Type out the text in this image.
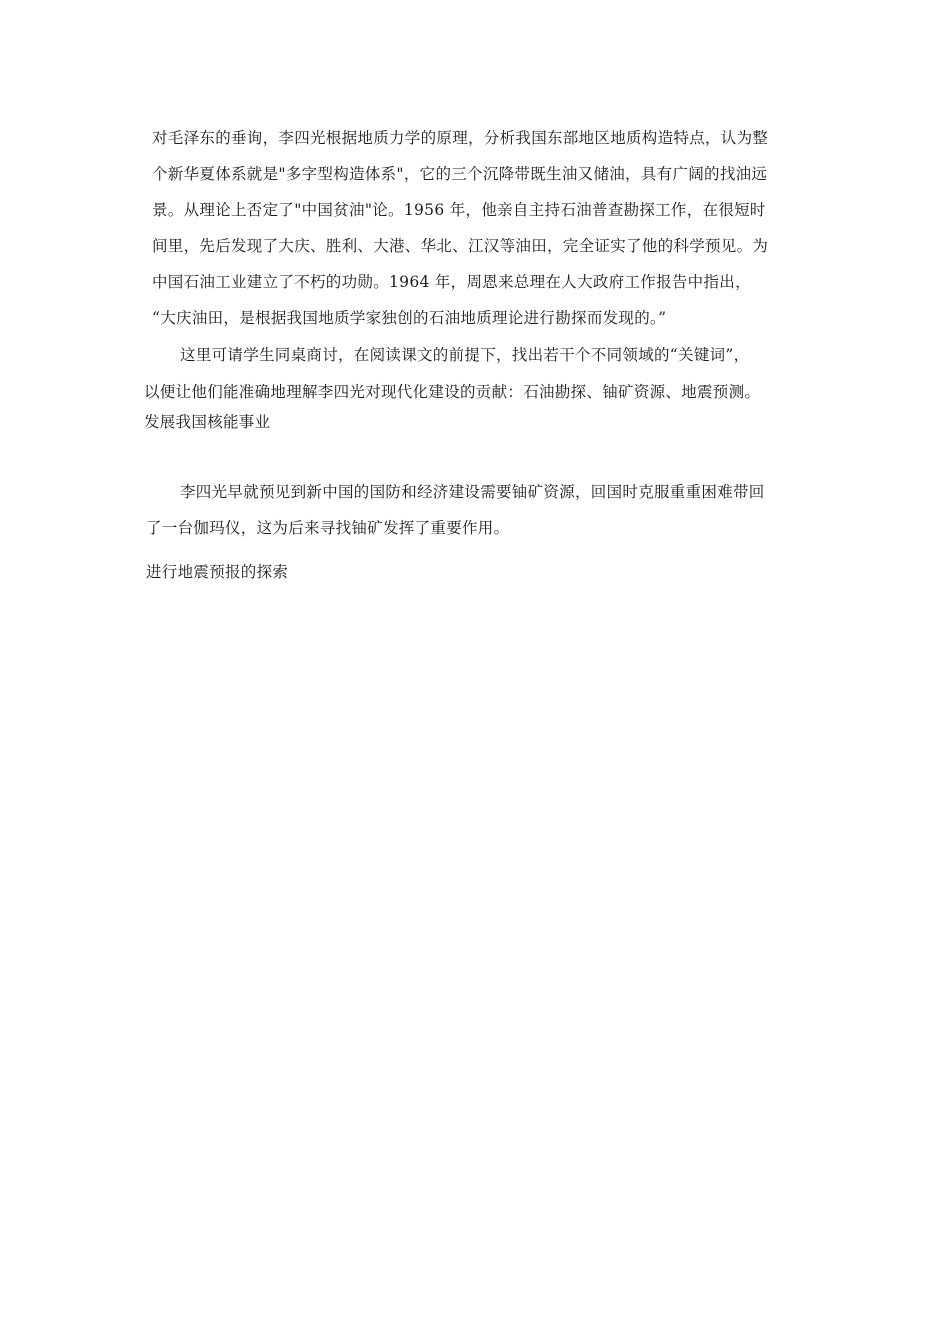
对毛泽东的垂询，李四光根据地质力学的原理，分析我国东部地区地质构造特点，认为整
个新华夏体系就是"多字型构造体系"，它的三个沉降带既生油又储油，具有广阔的找油远
景。从理论上否定了"中国贫油"论。1956 年，他亲自主持石油普查勘探工作，在很短时
间里，先后发现了大庆、胜利、大港、华北、江汉等油田，完全证实了他的科学预见。为
中国石油工业建立了不朽的功勋。1964 年，周恩来总理在人大政府工作报告中指出，
“大庆油田，是根据我国地质学家独创的石油地质理论进行勘探而发现的。”
这里可请学生同桌商讨，在阅读课文的前提下，找出若干个不同领域的“关键词”，
以便让他们能准确地理解李四光对现代化建设的贡献：石油勘探、铀矿资源、地震预测。
发展我国核能事业
李四光早就预见到新中国的国防和经济建设需要铀矿资源，回国时克服重重困难带回
了一台伽玛仪，这为后来寻找铀矿发挥了重要作用。
进行地震预报的探索
